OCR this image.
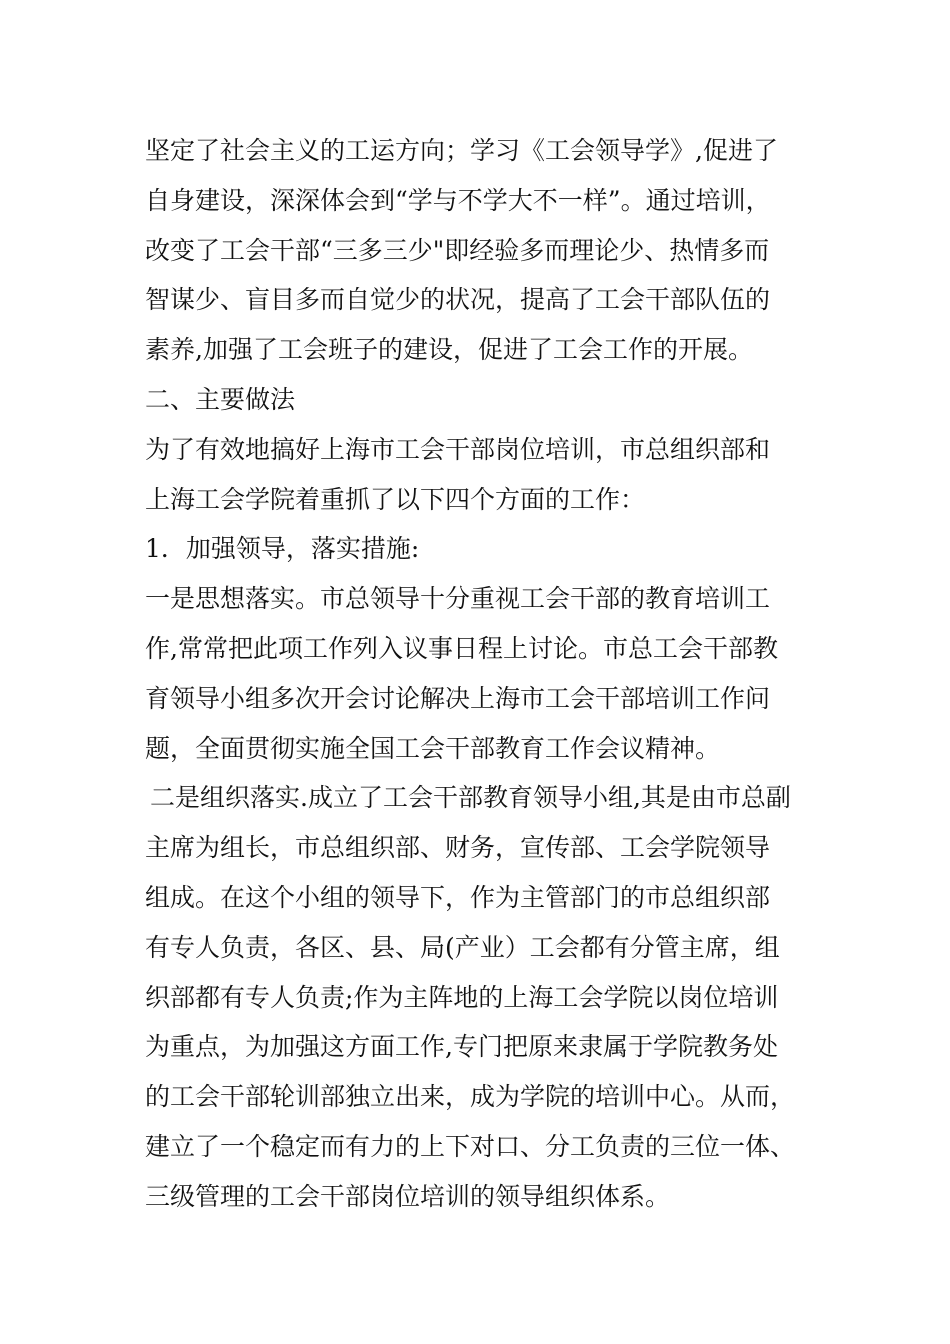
坚定了社会主义的工运方向；学习《工会领导学》,促进了
自身建设，深深体会到“学与不学大不一样”。通过培训，
改变了工会干部“三多三少"即经验多而理论少、热情多而
智谋少、盲目多而自觉少的状况，提高了工会干部队伍的
素养,加强了工会班子的建设，促进了工会工作的开展。
二、主要做法
为了有效地搞好上海市工会干部岗位培训，市总组织部和
上海工会学院着重抓了以下四个方面的工作：
1．加强领导，落实措施:
一是思想落实。市总领导十分重视工会干部的教育培训工
作,常常把此项工作列入议事日程上讨论。市总工会干部教
育领导小组多次开会讨论解决上海市工会干部培训工作问
题，全面贯彻实施全国工会干部教育工作会议精神。
二是组织落实.成立了工会干部教育领导小组,其是由市总副
主席为组长，市总组织部、财务，宣传部、工会学院领导
组成。在这个小组的领导下，作为主管部门的市总组织部
有专人负责，各区、县、局(产业）工会都有分管主席，组
织部都有专人负责;作为主阵地的上海工会学院以岗位培训
为重点，为加强这方面工作,专门把原来隶属于学院教务处
的工会干部轮训部独立出来，成为学院的培训中心。从而，
建立了一个稳定而有力的上下对口、分工负责的三位一体、
三级管理的工会干部岗位培训的领导组织体系。
